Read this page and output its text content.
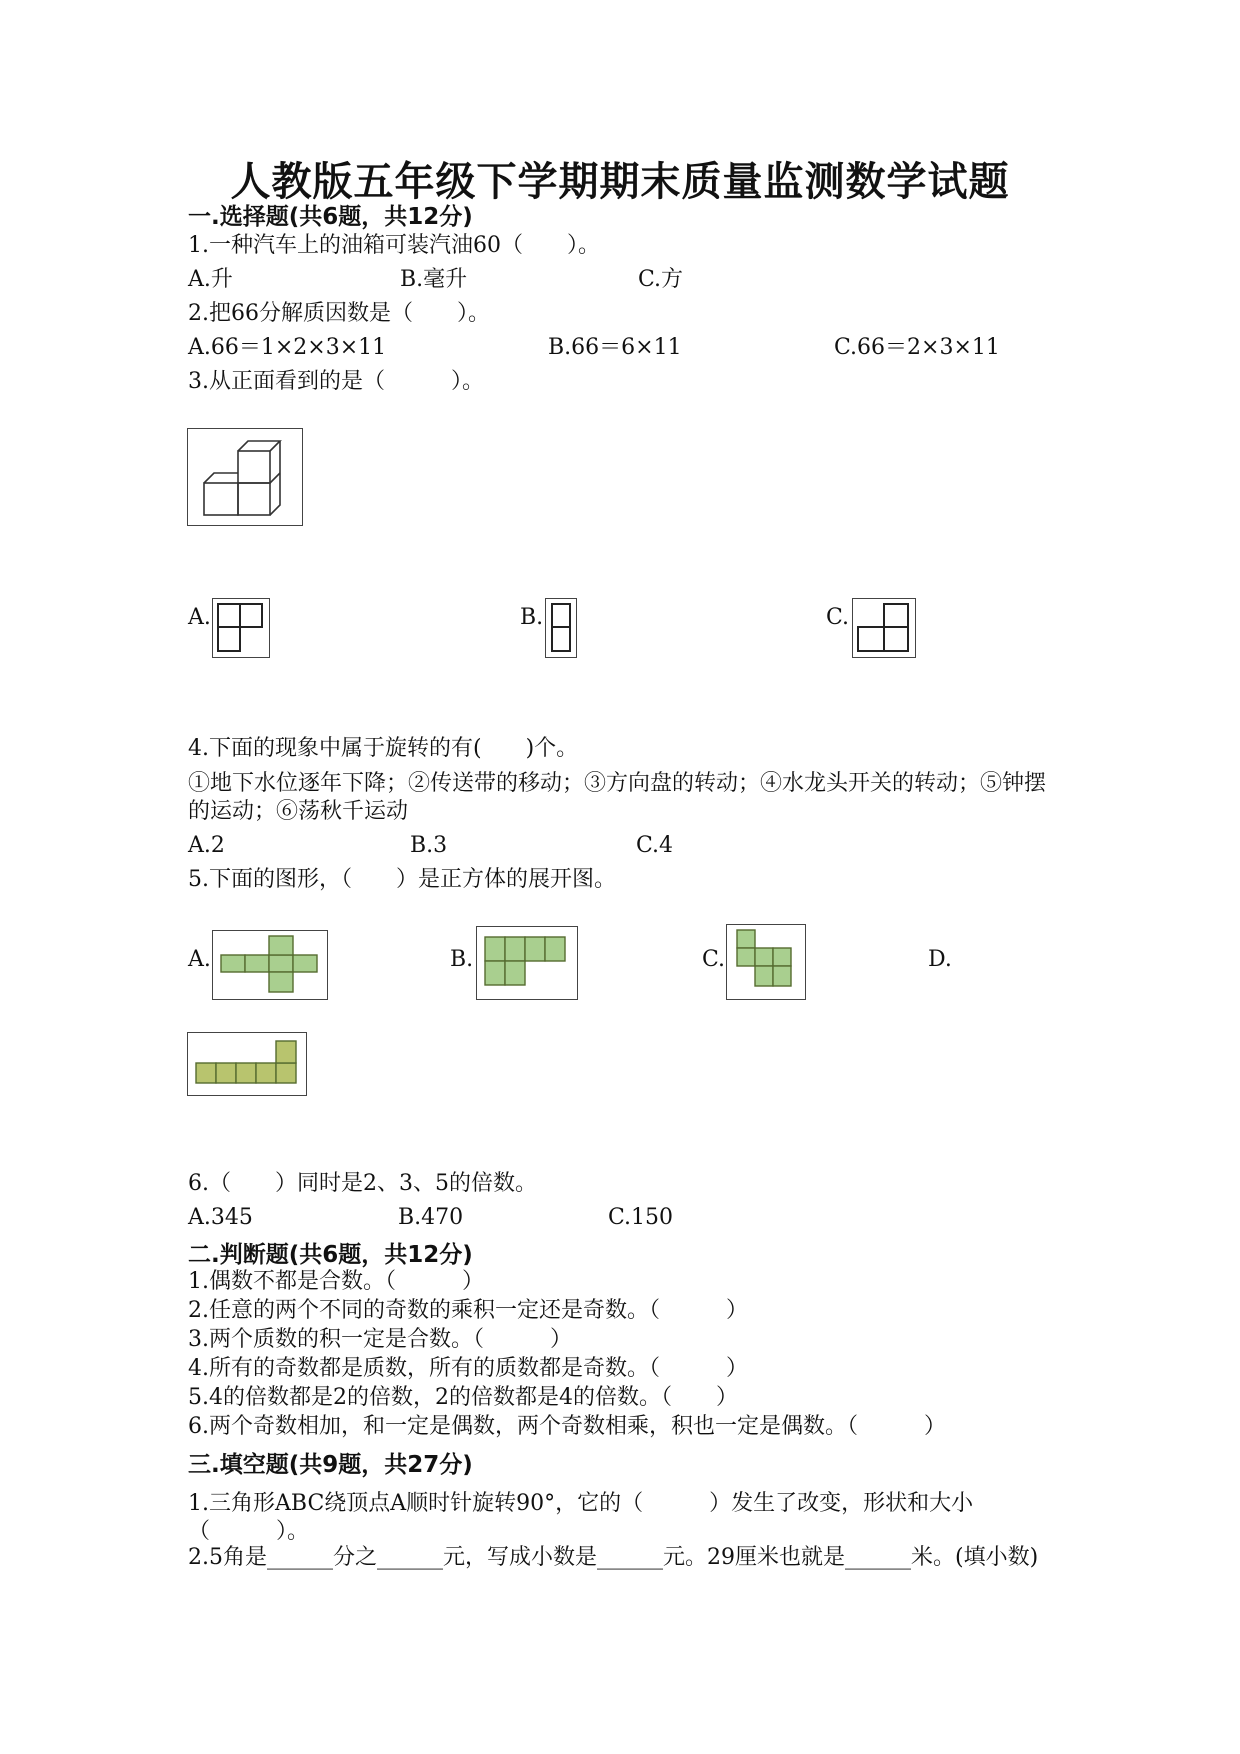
人教版五年级下学期期末质量监测数学试题
一.选择题(共6题，共12分)
1.一种汽车上的油箱可装汽油60（　　）。
A.升	B.毫升	C.方
2.把66分解质因数是（　　）。
A.66＝1×2×3×11	B.66＝6×11	C.66＝2×3×11
3.从正面看到的是（　　　）。
A.	B.	C.
4.下面的现象中属于旋转的有(　　)个。
①地下水位逐年下降；②传送带的移动；③方向盘的转动；④水龙头开关的转动；⑤钟摆的运动；⑥荡秋千运动
A.2	B.3	C.4
5.下面的图形，（　　）是正方体的展开图。
A.	B.	C.	D.
6.（　　）同时是2、3、5的倍数。
A.345	B.470	C.150
二.判断题(共6题，共12分)
1.偶数不都是合数。（　　　）
2.任意的两个不同的奇数的乘积一定还是奇数。（　　　）
3.两个质数的积一定是合数。（　　　）
4.所有的奇数都是质数，所有的质数都是奇数。（　　　）
5.4的倍数都是2的倍数，2的倍数都是4的倍数。（　　）
6.两个奇数相加，和一定是偶数，两个奇数相乘，积也一定是偶数。（　　　）
三.填空题(共9题，共27分)
1.三角形ABC绕顶点A顺时针旋转90°，它的（　　　）发生了改变，形状和大小（　　　）。
2.5角是______分之______元，写成小数是______元。29厘米也就是______米。(填小数)
